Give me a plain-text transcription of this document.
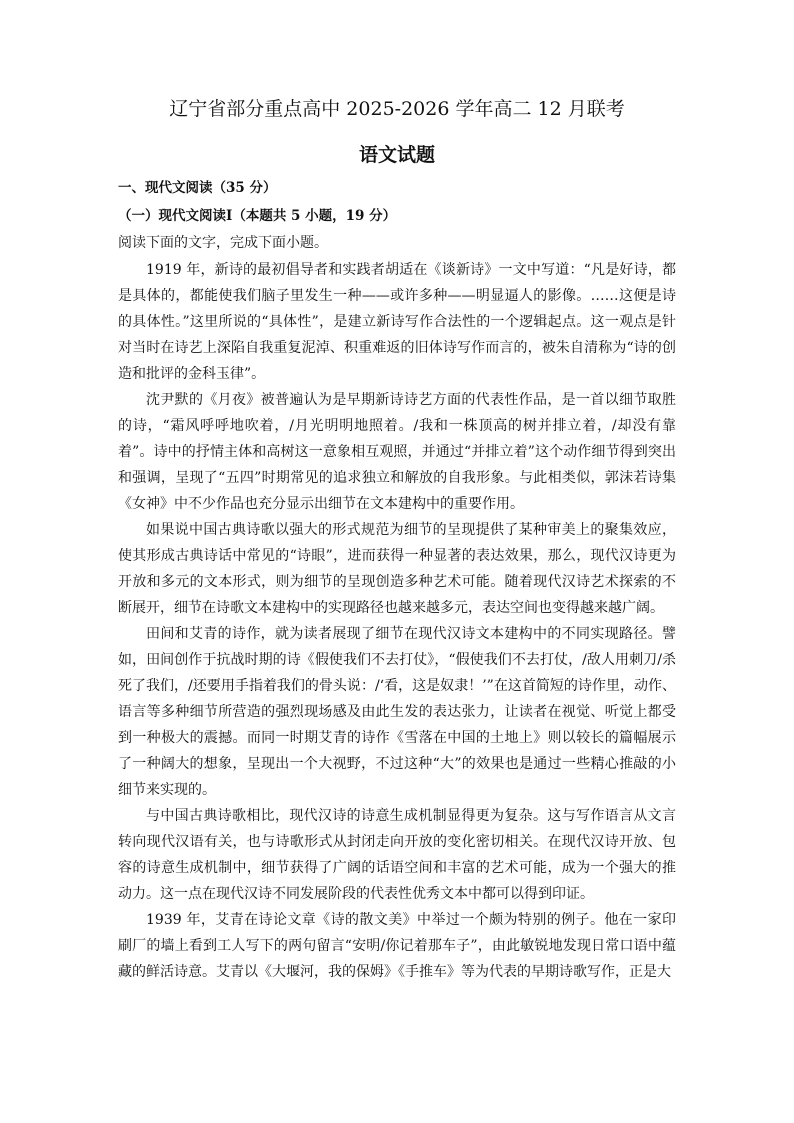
辽宁省部分重点高中 2025-2026 学年高二 12 月联考
语文试题
一、现代文阅读（35 分）
（一）现代文阅读Ⅰ（本题共 5 小题，19 分）
阅读下面的文字，完成下面小题。

1919 年，新诗的最初倡导者和实践者胡适在《谈新诗》一文中写道：“凡是好诗，都是具体的，都能使我们脑子里发生一种——或许多种——明显逼人的影像。……这便是诗的具体性。”这里所说的“具体性”，是建立新诗写作合法性的一个逻辑起点。这一观点是针对当时在诗艺上深陷自我重复泥淖、积重难返的旧体诗写作而言的，被朱自清称为“诗的创造和批评的金科玉律”。

沈尹默的《月夜》被普遍认为是早期新诗诗艺方面的代表性作品，是一首以细节取胜的诗，“霜风呼呼地吹着，/月光明明地照着。/我和一株顶高的树并排立着，/却没有靠着”。诗中的抒情主体和高树这一意象相互观照，并通过“并排立着”这个动作细节得到突出和强调，呈现了“五四”时期常见的追求独立和解放的自我形象。与此相类似，郭沫若诗集《女神》中不少作品也充分显示出细节在文本建构中的重要作用。

如果说中国古典诗歌以强大的形式规范为细节的呈现提供了某种审美上的聚集效应，使其形成古典诗话中常见的“诗眼”，进而获得一种显著的表达效果，那么，现代汉诗更为开放和多元的文本形式，则为细节的呈现创造多种艺术可能。随着现代汉诗艺术探索的不断展开，细节在诗歌文本建构中的实现路径也越来越多元，表达空间也变得越来越广阔。

田间和艾青的诗作，就为读者展现了细节在现代汉诗文本建构中的不同实现路径。譬如，田间创作于抗战时期的诗《假使我们不去打仗》，“假使我们不去打仗，/敌人用刺刀/杀死了我们，/还要用手指着我们的骨头说：/‘看，这是奴隶！’”在这首简短的诗作里，动作、语言等多种细节所营造的强烈现场感及由此生发的表达张力，让读者在视觉、听觉上都受到一种极大的震撼。而同一时期艾青的诗作《雪落在中国的土地上》则以较长的篇幅展示了一种阔大的想象，呈现出一个大视野，不过这种“大”的效果也是通过一些精心推敲的小细节来实现的。

与中国古典诗歌相比，现代汉诗的诗意生成机制显得更为复杂。这与写作语言从文言转向现代汉语有关，也与诗歌形式从封闭走向开放的变化密切相关。在现代汉诗开放、包容的诗意生成机制中，细节获得了广阔的话语空间和丰富的艺术可能，成为一个强大的推动力。这一点在现代汉诗不同发展阶段的代表性优秀文本中都可以得到印证。

1939 年，艾青在诗论文章《诗的散文美》中举过一个颇为特别的例子。他在一家印刷厂的墙上看到工人写下的两句留言“安明/你记着那车子”，由此敏锐地发现日常口语中蕴藏的鲜活诗意。艾青以《大堰河，我的保姆》《手推车》等为代表的早期诗歌写作，正是大
